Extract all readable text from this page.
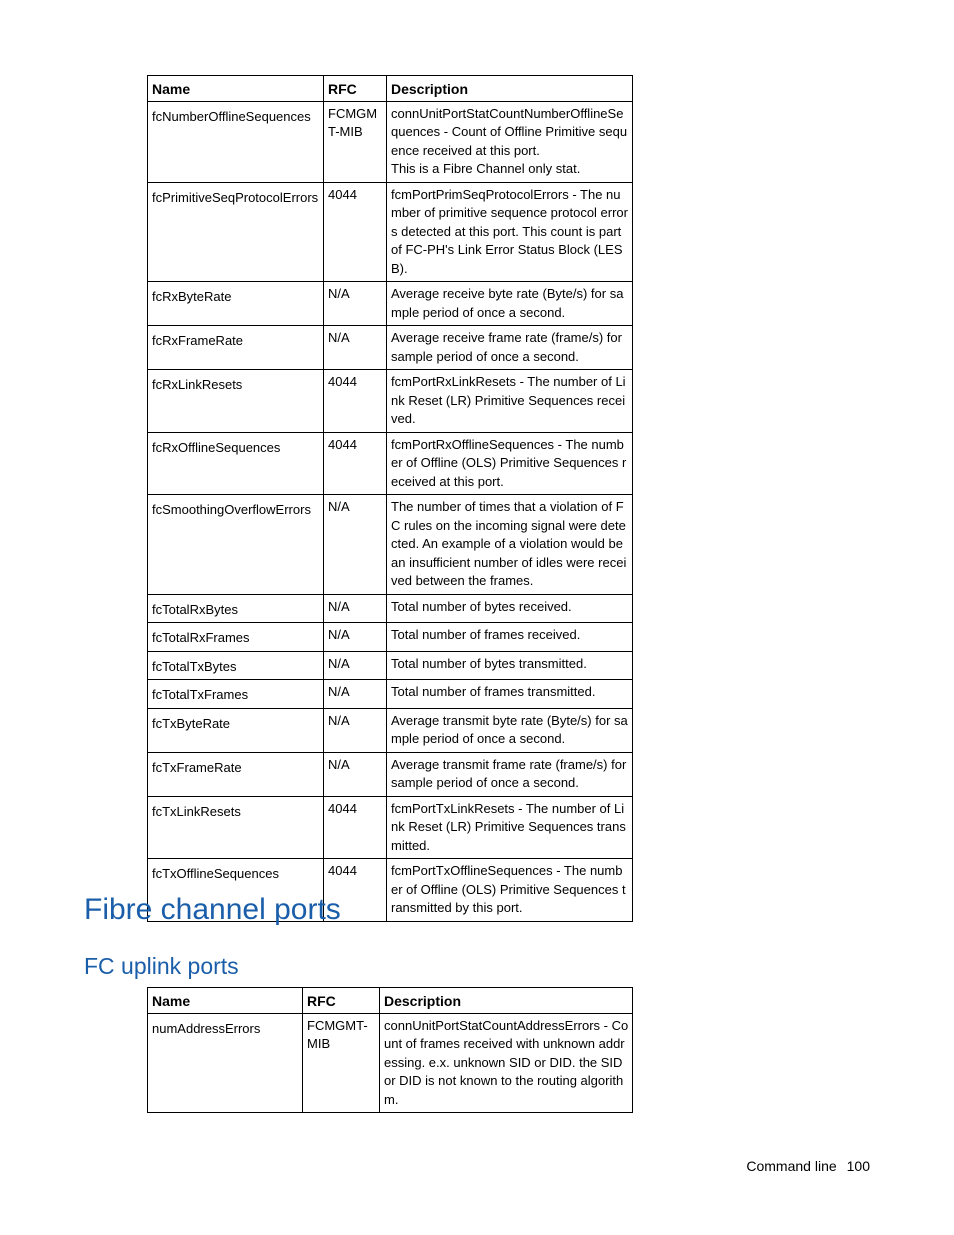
Name	RFC	Description
fcNumberOfflineSequences	FCMGMT-MIB	connUnitPortStatCountNumberOfflineSequences - Count of Offline Primitive sequence received at this port.
This is a Fibre Channel only stat.
fcPrimitiveSeqProtocolErrors	4044	fcmPortPrimSeqProtocolErrors - The number of primitive sequence protocol errors detected at this port. This count is part of FC-PH's Link Error Status Block (LESB).
fcRxByteRate	N/A	Average receive byte rate (Byte/s) for sample period of once a second.
fcRxFrameRate	N/A	Average receive frame rate (frame/s) for sample period of once a second.
fcRxLinkResets	4044	fcmPortRxLinkResets - The number of Link Reset (LR) Primitive Sequences received.
fcRxOfflineSequences	4044	fcmPortRxOfflineSequences - The number of Offline (OLS) Primitive Sequences received at this port.
fcSmoothingOverflowErrors	N/A	The number of times that a violation of FC rules on the incoming signal were detected. An example of a violation would be an insufficient number of idles were received between the frames.
fcTotalRxBytes	N/A	Total number of bytes received.
fcTotalRxFrames	N/A	Total number of frames received.
fcTotalTxBytes	N/A	Total number of bytes transmitted.
fcTotalTxFrames	N/A	Total number of frames transmitted.
fcTxByteRate	N/A	Average transmit byte rate (Byte/s) for sample period of once a second.
fcTxFrameRate	N/A	Average transmit frame rate (frame/s) for sample period of once a second.
fcTxLinkResets	4044	fcmPortTxLinkResets - The number of Link Reset (LR) Primitive Sequences transmitted.
fcTxOfflineSequences	4044	fcmPortTxOfflineSequences - The number of Offline (OLS) Primitive Sequences transmitted by this port.
Fibre channel ports
FC uplink ports
Name	RFC	Description
numAddressErrors	FCMGMT-MIB	connUnitPortStatCountAddressErrors - Count of frames received with unknown addressing. e.x. unknown SID or DID. the SID or DID is not known to the routing algorithm.
Command line 100
